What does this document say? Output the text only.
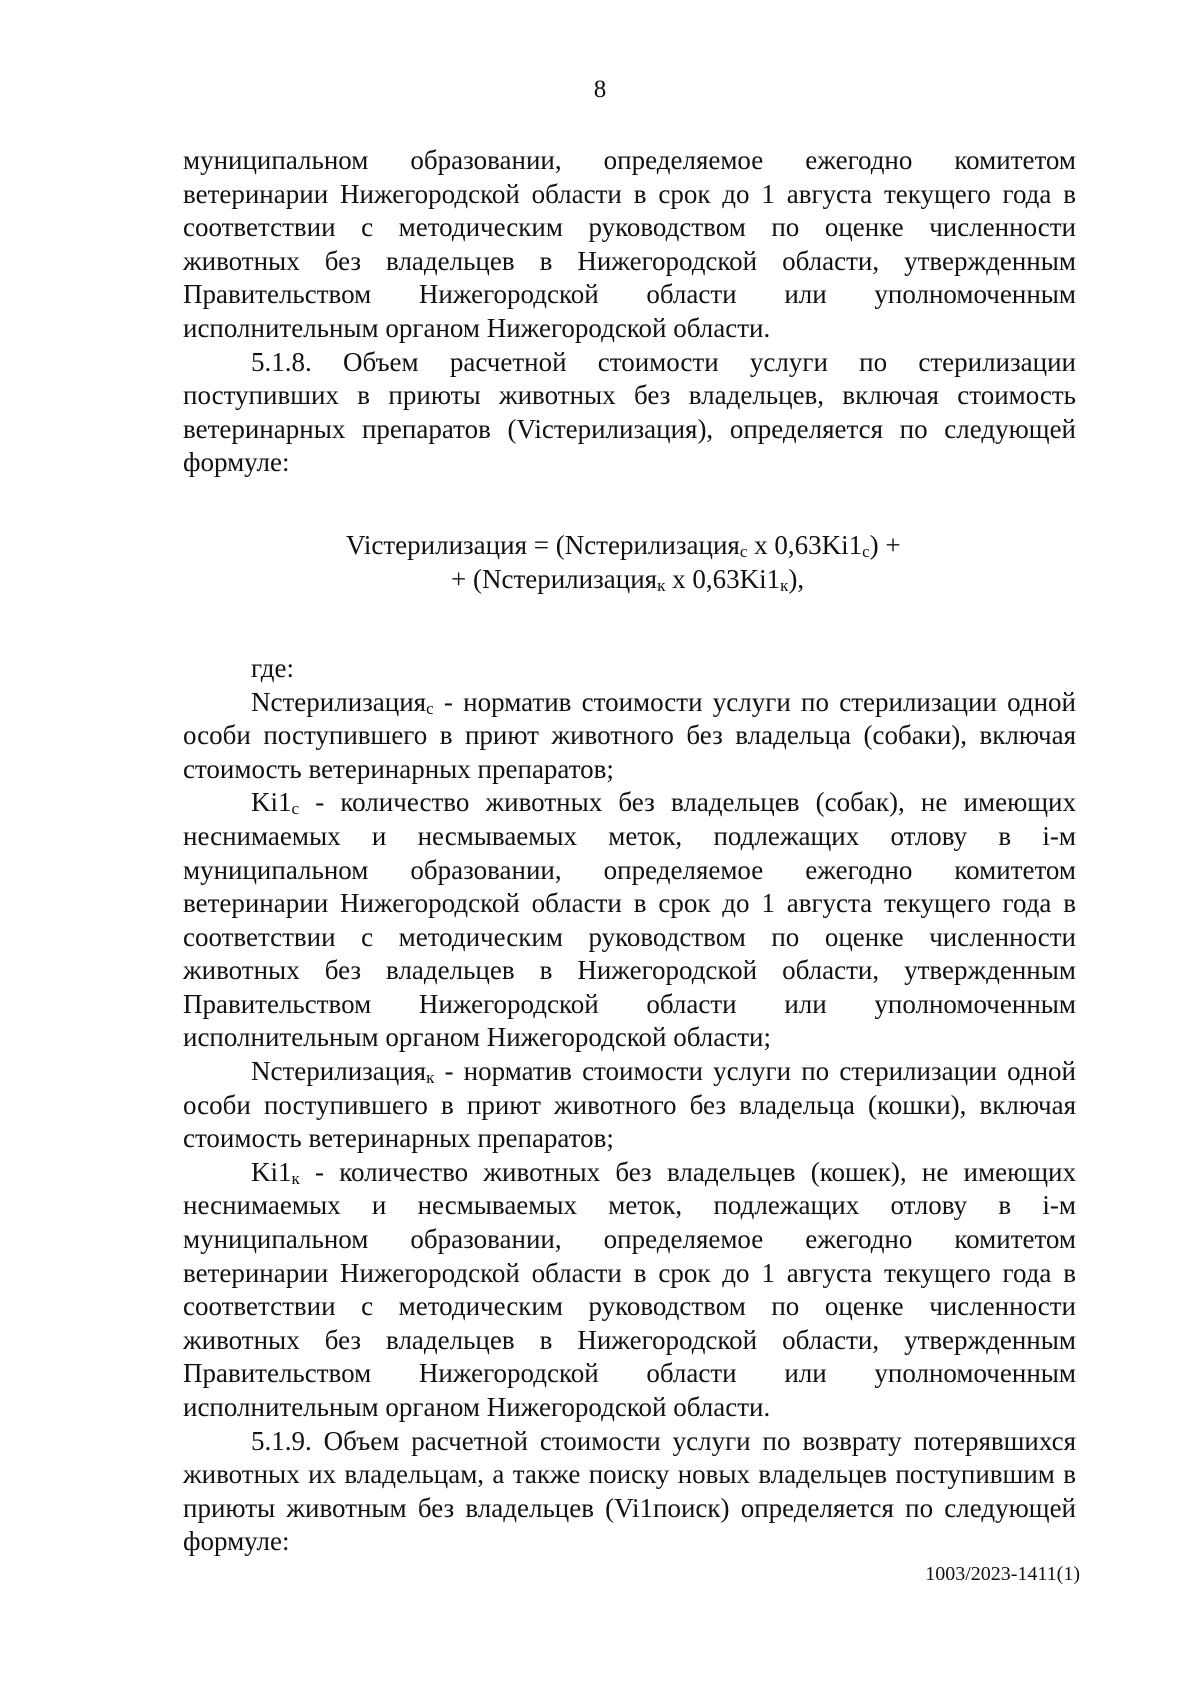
8

муниципальном образовании, определяемое ежегодно комитетом ветеринарии Нижегородской области в срок до 1 августа текущего года в соответствии с методическим руководством по оценке численности животных без владельцев в Нижегородской области, утвержденным Правительством Нижегородской области или уполномоченным исполнительным органом Нижегородской области.

5.1.8. Объем расчетной стоимости услуги по стерилизации поступивших в приюты животных без владельцев, включая стоимость ветеринарных препаратов (Viстерилизация), определяется по следующей формуле:

Viстерилизация = (Nстерилизация$_с$ x $0,63Ki1_с$) +
+ (Nстерилизация$_к$ x $0,63Ki1_к$),

где:

Nстерилизация$_с$ - норматив стоимости услуги по стерилизации одной особи поступившего в приют животного без владельца (собаки), включая стоимость ветеринарных препаратов;

$Ki1_с$ - количество животных без владельцев (собак), не имеющих неснимаемых и несмываемых меток, подлежащих отлову в i-м муниципальном образовании, определяемое ежегодно комитетом ветеринарии Нижегородской области в срок до 1 августа текущего года в соответствии с методическим руководством по оценке численности животных без владельцев в Нижегородской области, утвержденным Правительством Нижегородской области или уполномоченным исполнительным органом Нижегородской области;

Nстерилизация$_к$ - норматив стоимости услуги по стерилизации одной особи поступившего в приют животного без владельца (кошки), включая стоимость ветеринарных препаратов;

$Ki1_к$ - количество животных без владельцев (кошек), не имеющих неснимаемых и несмываемых меток, подлежащих отлову в i-м муниципальном образовании, определяемое ежегодно комитетом ветеринарии Нижегородской области в срок до 1 августа текущего года в соответствии с методическим руководством по оценке численности животных без владельцев в Нижегородской области, утвержденным Правительством Нижегородской области или уполномоченным исполнительным органом Нижегородской области.

5.1.9. Объем расчетной стоимости услуги по возврату потерявшихся животных их владельцам, а также поиску новых владельцев поступившим в приюты животным без владельцев (Vi1поиск) определяется по следующей формуле:

1003/2023-1411(1)
